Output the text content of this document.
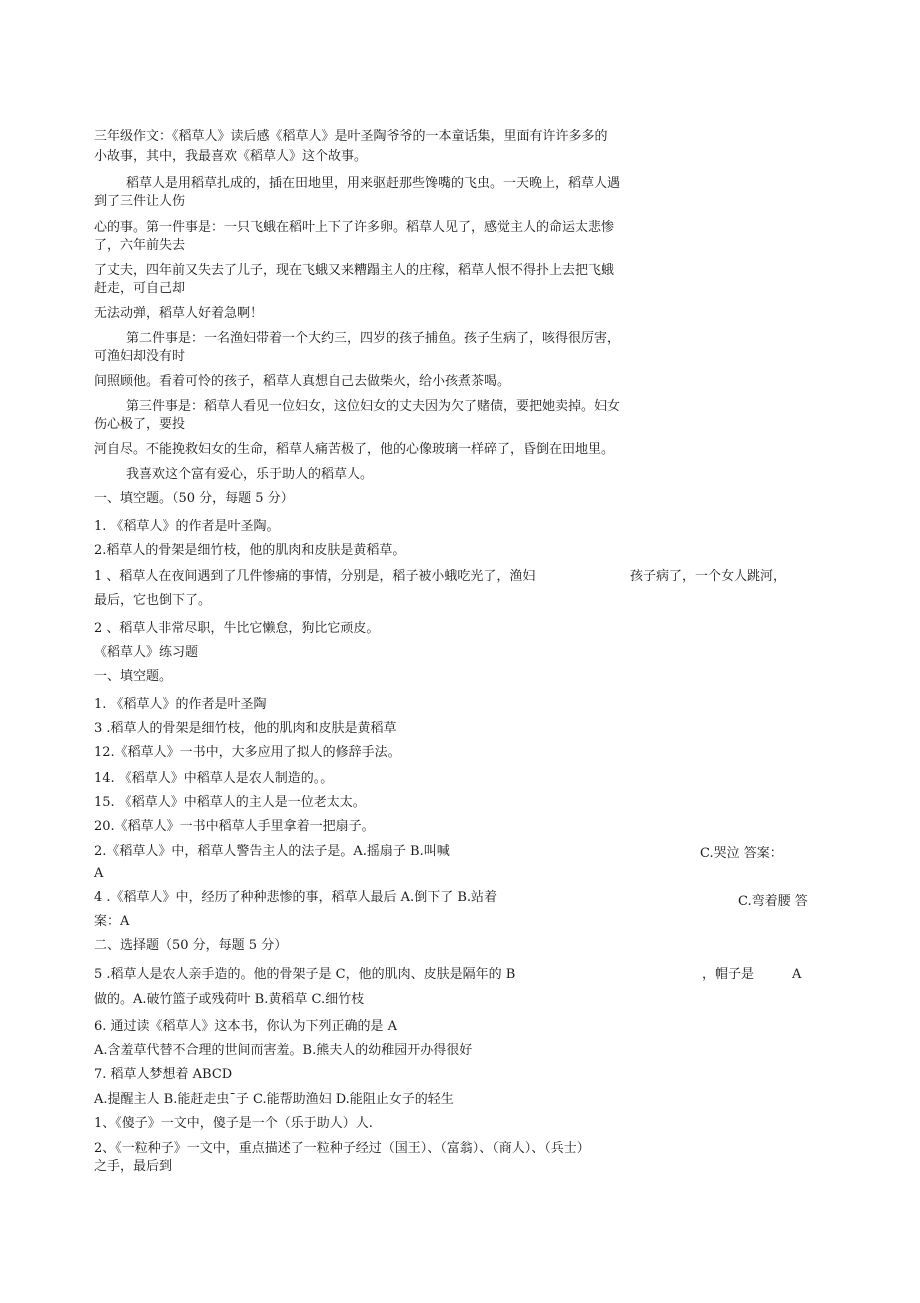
三年级作文：《稻草人》读后感《稻草人》是叶圣陶爷爷的一本童话集，里面有许许多多的
小故事，其中，我最喜欢《稻草人》这个故事。
稻草人是用稻草扎成的，插在田地里，用来驱赶那些馋嘴的飞虫。一天晚上，稻草人遇
到了三件让人伤
心的事。第一件事是：一只飞蛾在稻叶上下了许多卵。稻草人见了，感觉主人的命运太悲惨
了，六年前失去
了丈夫，四年前又失去了儿子，现在飞蛾又来糟蹋主人的庄稼，稻草人恨不得扑上去把飞蛾
赶走，可自己却
无法动弹，稻草人好着急啊！
第二件事是：一名渔妇带着一个大约三，四岁的孩子捕鱼。孩子生病了，咳得很厉害，
可渔妇却没有时
间照顾他。看着可怜的孩子，稻草人真想自己去做柴火，给小孩煮茶喝。
第三件事是：稻草人看见一位妇女，这位妇女的丈夫因为欠了赌债，要把她卖掉。妇女
伤心极了，要投
河自尽。不能挽救妇女的生命，稻草人痛苦极了，他的心像玻璃一样碎了，昏倒在田地里。
我喜欢这个富有爱心，乐于助人的稻草人。
一、填空题。（50 分，每题 5 分）
1. 《稻草人》的作者是叶圣陶。
2.稻草人的骨架是细竹枝，他的肌肉和皮肤是黄稻草。
1 、稻草人在夜间遇到了几件惨痛的事情，分别是，稻子被小蛾吃光了，渔妇	孩子病了，一个女人跳河，
最后，它也倒下了。
2 、稻草人非常尽职，牛比它懒怠，狗比它顽皮。
《稻草人》练习题
一、填空题。
1. 《稻草人》的作者是叶圣陶
3 .稻草人的骨架是细竹枝，他的肌肉和皮肤是黄稻草
12.《稻草人》一书中，大多应用了拟人的修辞手法。
14. 《稻草人》中稻草人是农人制造的。。
15. 《稻草人》中稻草人的主人是一位老太太。
20.《稻草人》一书中稻草人手里拿着一把扇子。
2.《稻草人》中，稻草人警告主人的法子是。A.摇扇子 B.叫喊	C.哭泣 答案：
A
4 .《稻草人》中，经历了种种悲惨的事，稻草人最后 A.倒下了 B.站着	C.弯着腰 答
案：A
二、选择题（50 分，每题 5 分）
5 .稻草人是农人亲手造的。他的骨架子是 C，他的肌肉、皮肤是隔年的 B	，帽子是	A
做的。A.破竹篮子或残荷叶 B.黄稻草 C.细竹枝
6. 通过读《稻草人》这本书，你认为下列正确的是 A
A.含羞草代替不合理的世间而害羞。B.熊夫人的幼稚园开办得很好
7. 稻草人梦想着 ABCD
A.提醒主人 B.能赶走虫ˉ子 C.能帮助渔妇 D.能阻止女子的轻生
1、《傻子》一文中，傻子是一个（乐于助人）人.
2、《一粒种子》一文中，重点描述了一粒种子经过（国王）、（富翁）、（商人）、（兵士）
之手，最后到
